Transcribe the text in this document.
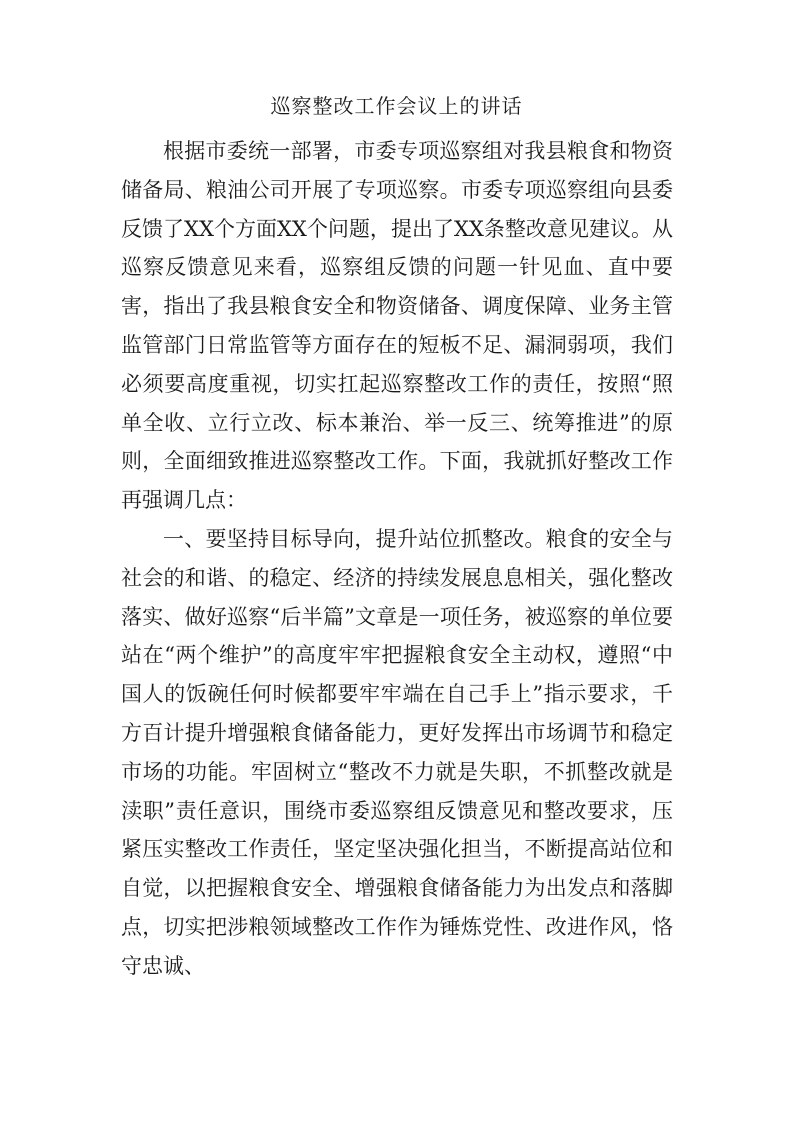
巡察整改工作会议上的讲话

根据市委统一部署，市委专项巡察组对我县粮食和物资储备局、粮油公司开展了专项巡察。市委专项巡察组向县委反馈了XX个方面XX个问题，提出了XX条整改意见建议。从巡察反馈意见来看，巡察组反馈的问题一针见血、直中要害，指出了我县粮食安全和物资储备、调度保障、业务主管监管部门日常监管等方面存在的短板不足、漏洞弱项，我们必须要高度重视，切实扛起巡察整改工作的责任，按照“照单全收、立行立改、标本兼治、举一反三、统筹推进”的原则，全面细致推进巡察整改工作。下面，我就抓好整改工作再强调几点：

一、要坚持目标导向，提升站位抓整改。粮食的安全与社会的和谐、的稳定、经济的持续发展息息相关，强化整改落实、做好巡察“后半篇”文章是一项任务，被巡察的单位要站在“两个维护”的高度牢牢把握粮食安全主动权，遵照“中国人的饭碗任何时候都要牢牢端在自己手上”指示要求，千方百计提升增强粮食储备能力，更好发挥出市场调节和稳定市场的功能。牢固树立“整改不力就是失职，不抓整改就是渎职”责任意识，围绕市委巡察组反馈意见和整改要求，压紧压实整改工作责任，坚定坚决强化担当，不断提高站位和自觉，以把握粮食安全、增强粮食储备能力为出发点和落脚点，切实把涉粮领域整改工作作为锤炼党性、改进作风，恪守忠诚、
